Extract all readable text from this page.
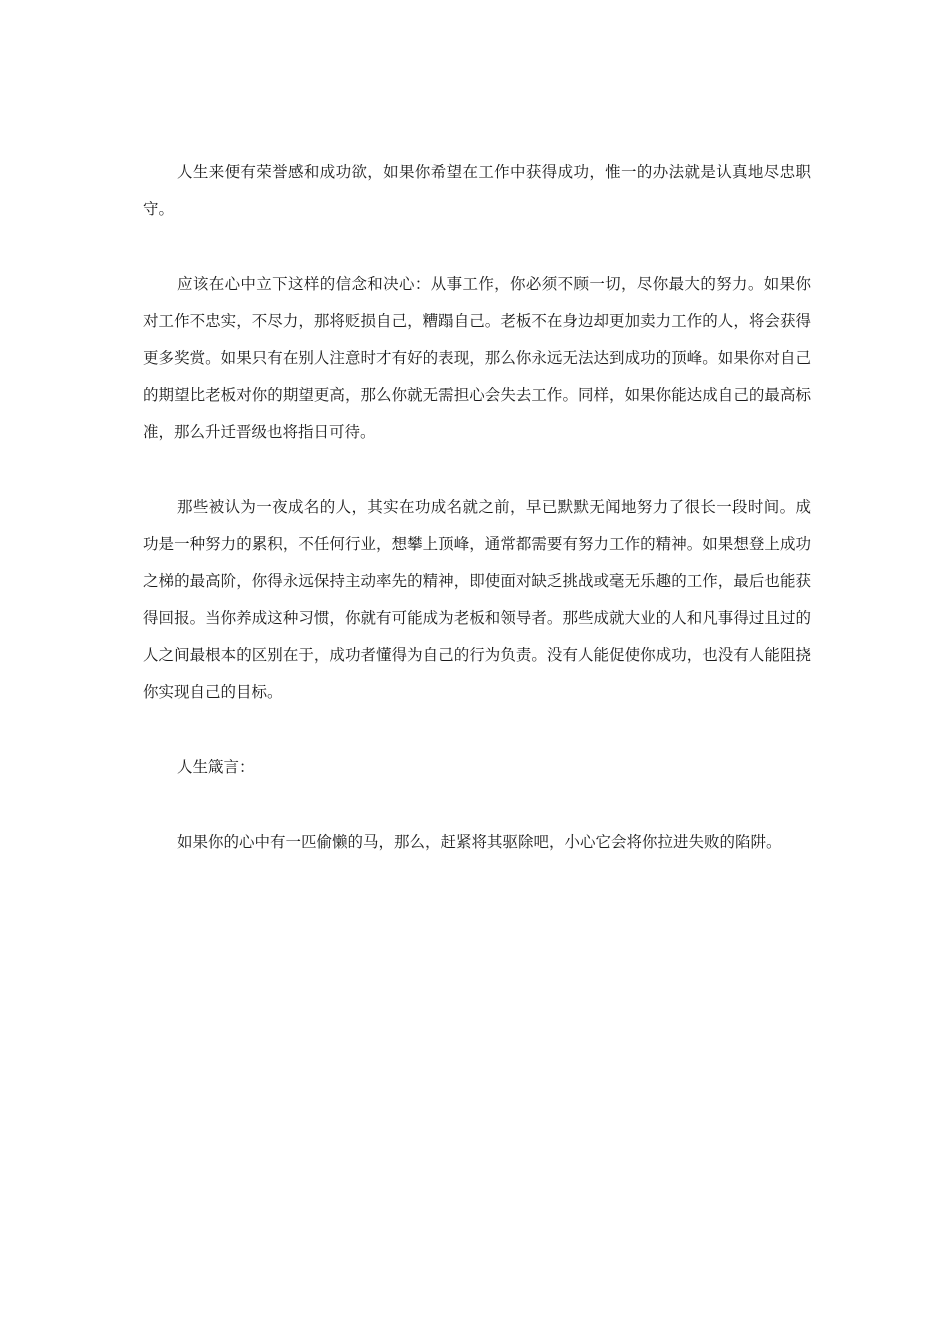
人生来便有荣誉感和成功欲，如果你希望在工作中获得成功，惟一的办法就是认真地尽忠职守。

应该在心中立下这样的信念和决心：从事工作，你必须不顾一切，尽你最大的努力。如果你对工作不忠实，不尽力，那将贬损自己，糟蹋自己。老板不在身边却更加卖力工作的人，将会获得更多奖赏。如果只有在别人注意时才有好的表现，那么你永远无法达到成功的顶峰。如果你对自己的期望比老板对你的期望更高，那么你就无需担心会失去工作。同样，如果你能达成自己的最高标准，那么升迁晋级也将指日可待。

那些被认为一夜成名的人，其实在功成名就之前，早已默默无闻地努力了很长一段时间。成功是一种努力的累积，不任何行业，想攀上顶峰，通常都需要有努力工作的精神。如果想登上成功之梯的最高阶，你得永远保持主动率先的精神，即使面对缺乏挑战或毫无乐趣的工作，最后也能获得回报。当你养成这种习惯，你就有可能成为老板和领导者。那些成就大业的人和凡事得过且过的人之间最根本的区别在于，成功者懂得为自己的行为负责。没有人能促使你成功，也没有人能阻挠你实现自己的目标。

人生箴言：

如果你的心中有一匹偷懒的马，那么，赶紧将其驱除吧，小心它会将你拉进失败的陷阱。
